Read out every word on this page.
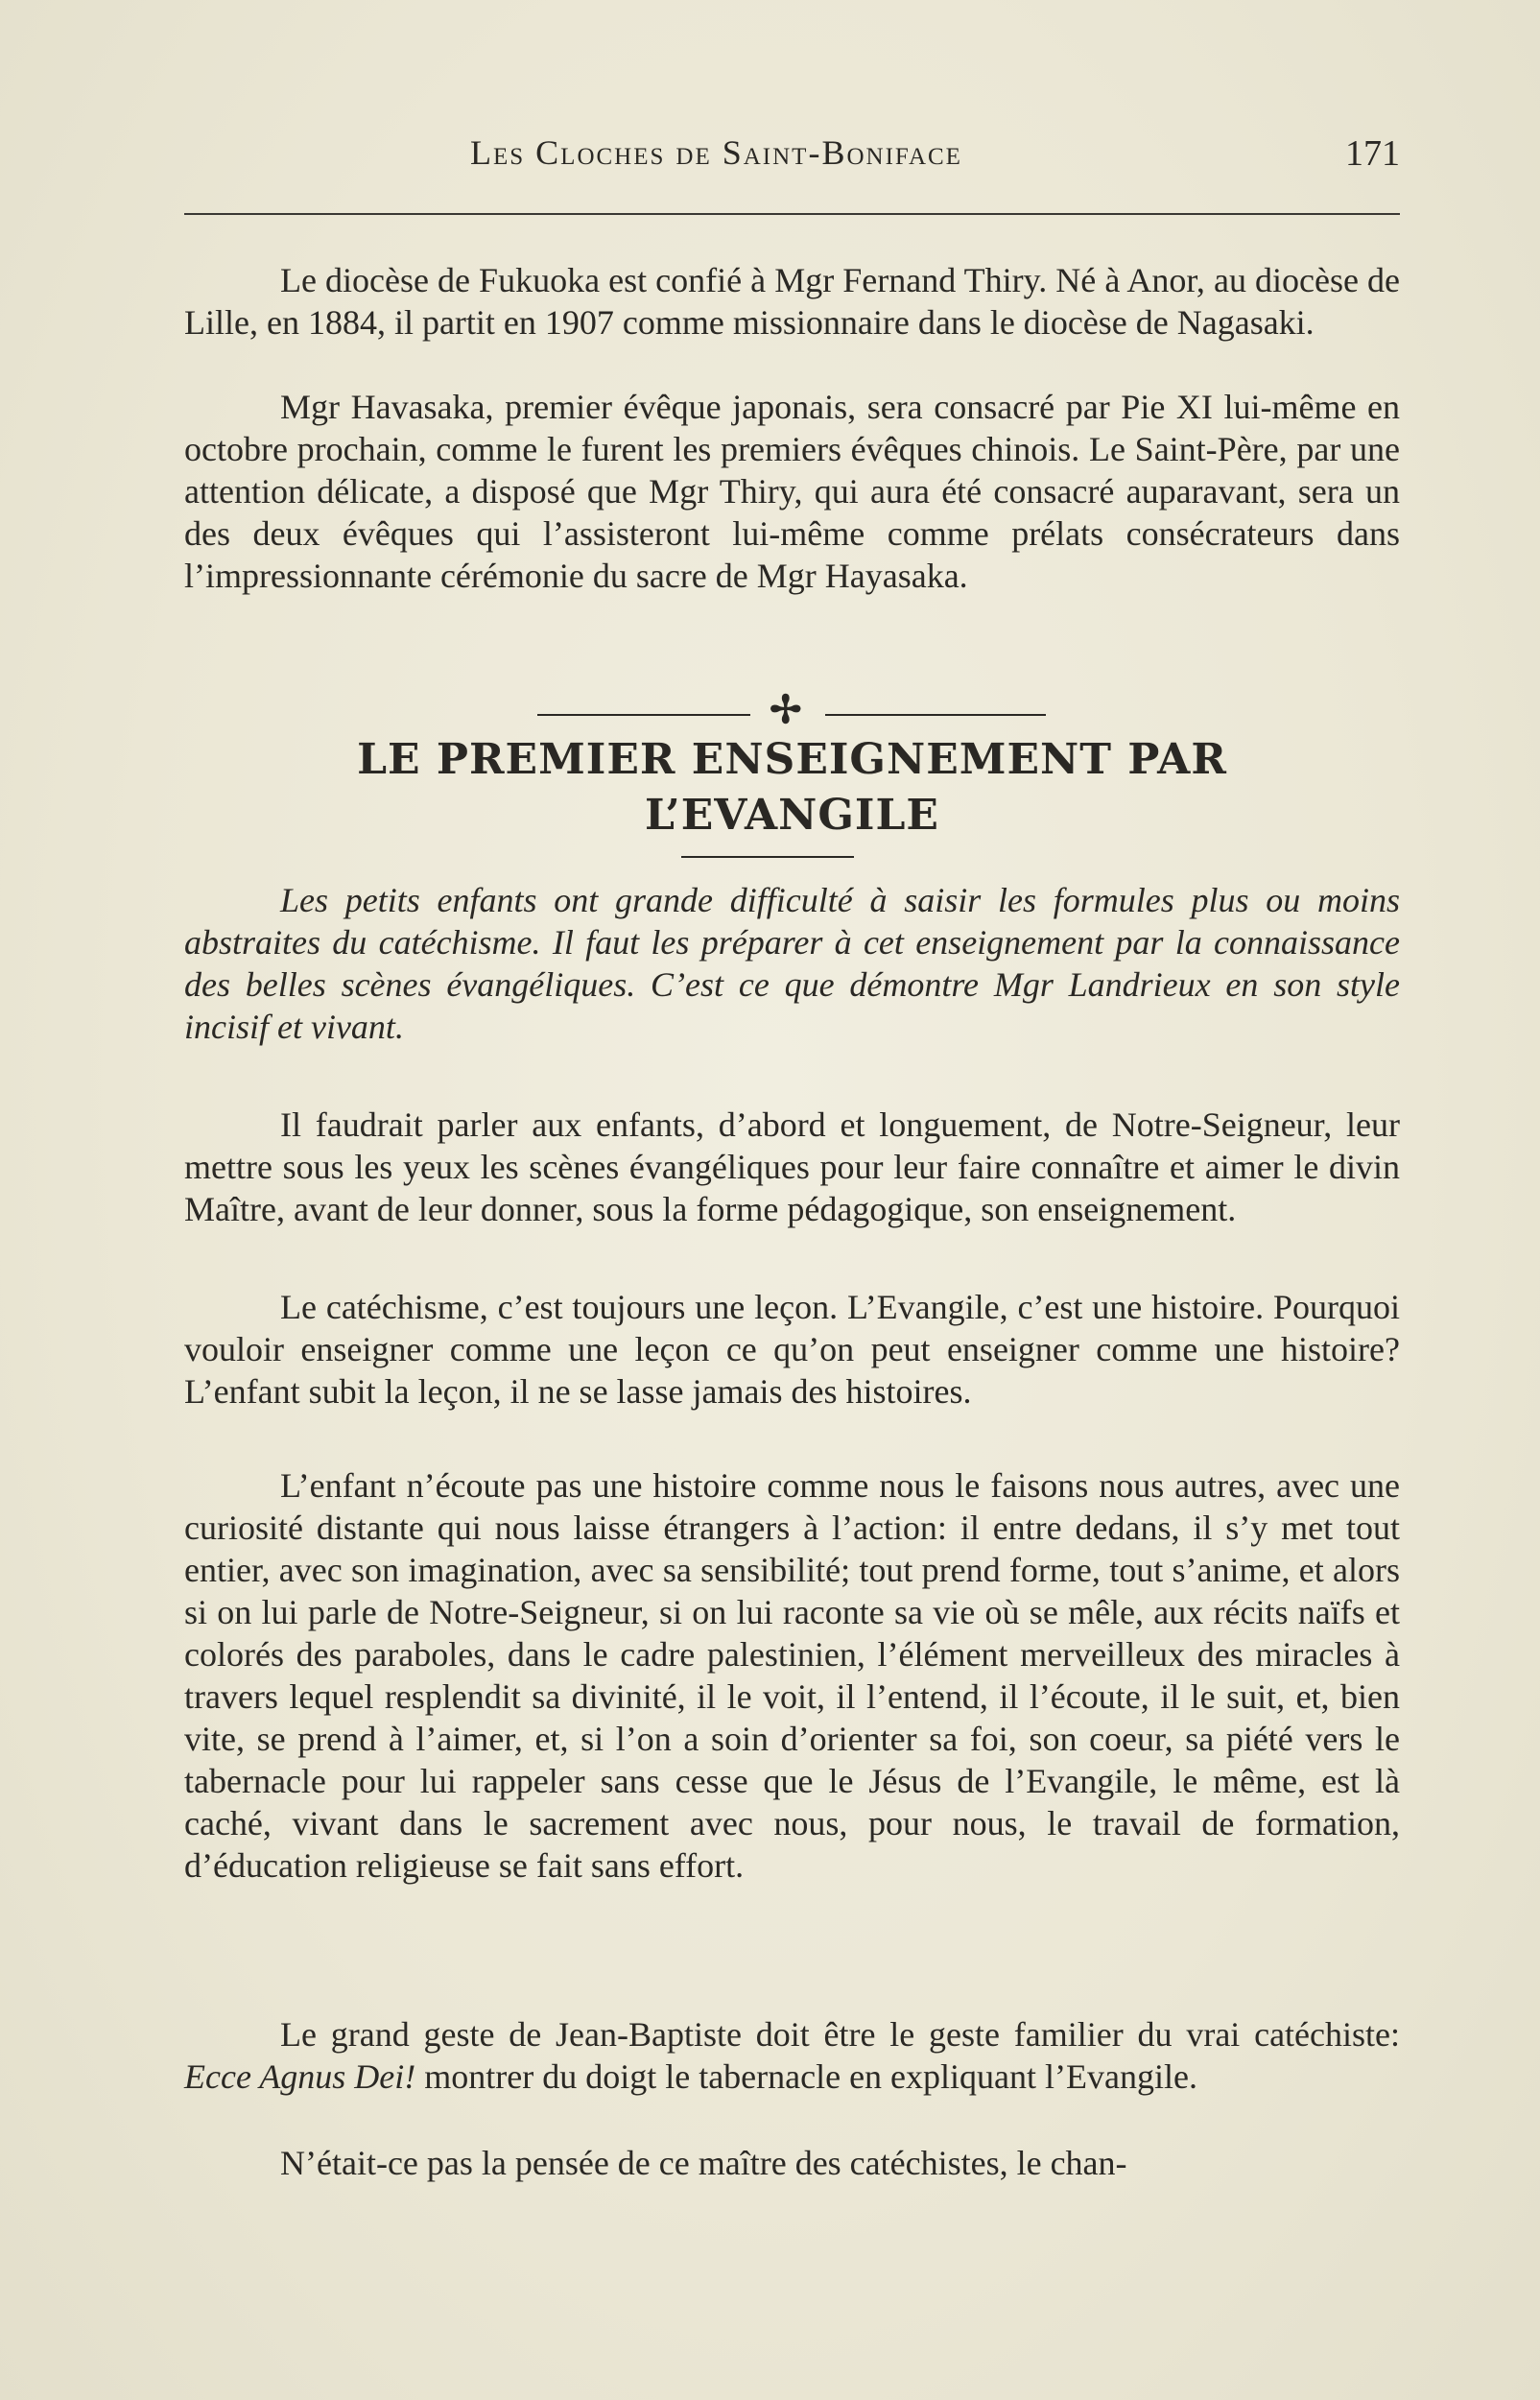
Les Cloches de Saint-Boniface	171

Le diocèse de Fukuoka est confié à Mgr Fernand Thiry. Né à Anor, au diocèse de Lille, en 1884, il partit en 1907 comme missionnaire dans le diocèse de Nagasaki.

Mgr Havasaka, premier évêque japonais, sera consacré par Pie XI lui-même en octobre prochain, comme le furent les premiers évêques chinois. Le Saint-Père, par une attention délicate, a disposé que Mgr Thiry, qui aura été consacré auparavant, sera un des deux évêques qui l’assisteront lui-même comme prélats consécrateurs dans l’impressionnante cérémonie du sacre de Mgr Hayasaka.

✢

LE PREMIER ENSEIGNEMENT PAR

L’EVANGILE

Les petits enfants ont grande difficulté à saisir les formules plus ou moins abstraites du catéchisme. Il faut les préparer à cet enseignement par la connaissance des belles scènes évangéliques. C’est ce que démontre Mgr Landrieux en son style incisif et vivant.

Il faudrait parler aux enfants, d’abord et longuement, de Notre-Seigneur, leur mettre sous les yeux les scènes évangéliques pour leur faire connaître et aimer le divin Maître, avant de leur donner, sous la forme pédagogique, son enseignement.

Le catéchisme, c’est toujours une leçon. L’Evangile, c’est une histoire. Pourquoi vouloir enseigner comme une leçon ce qu’on peut enseigner comme une histoire? L’enfant subit la leçon, il ne se lasse jamais des histoires.

L’enfant n’écoute pas une histoire comme nous le faisons nous autres, avec une curiosité distante qui nous laisse étrangers à l’action: il entre dedans, il s’y met tout entier, avec son imagination, avec sa sensibilité; tout prend forme, tout s’anime, et alors si on lui parle de Notre-Seigneur, si on lui raconte sa vie où se mêle, aux récits naïfs et colorés des paraboles, dans le cadre palestinien, l’élément merveilleux des miracles à travers lequel resplendit sa divinité, il le voit, il l’entend, il l’écoute, il le suit, et, bien vite, se prend à l’aimer, et, si l’on a soin d’orienter sa foi, son coeur, sa piété vers le tabernacle pour lui rappeler sans cesse que le Jésus de l’Evangile, le même, est là caché, vivant dans le sacrement avec nous, pour nous, le travail de formation, d’éducation religieuse se fait sans effort.

Le grand geste de Jean-Baptiste doit être le geste familier du vrai catéchiste: Ecce Agnus Dei! montrer du doigt le tabernacle en expliquant l’Evangile.

N’était-ce pas la pensée de ce maître des catéchistes, le chan-
